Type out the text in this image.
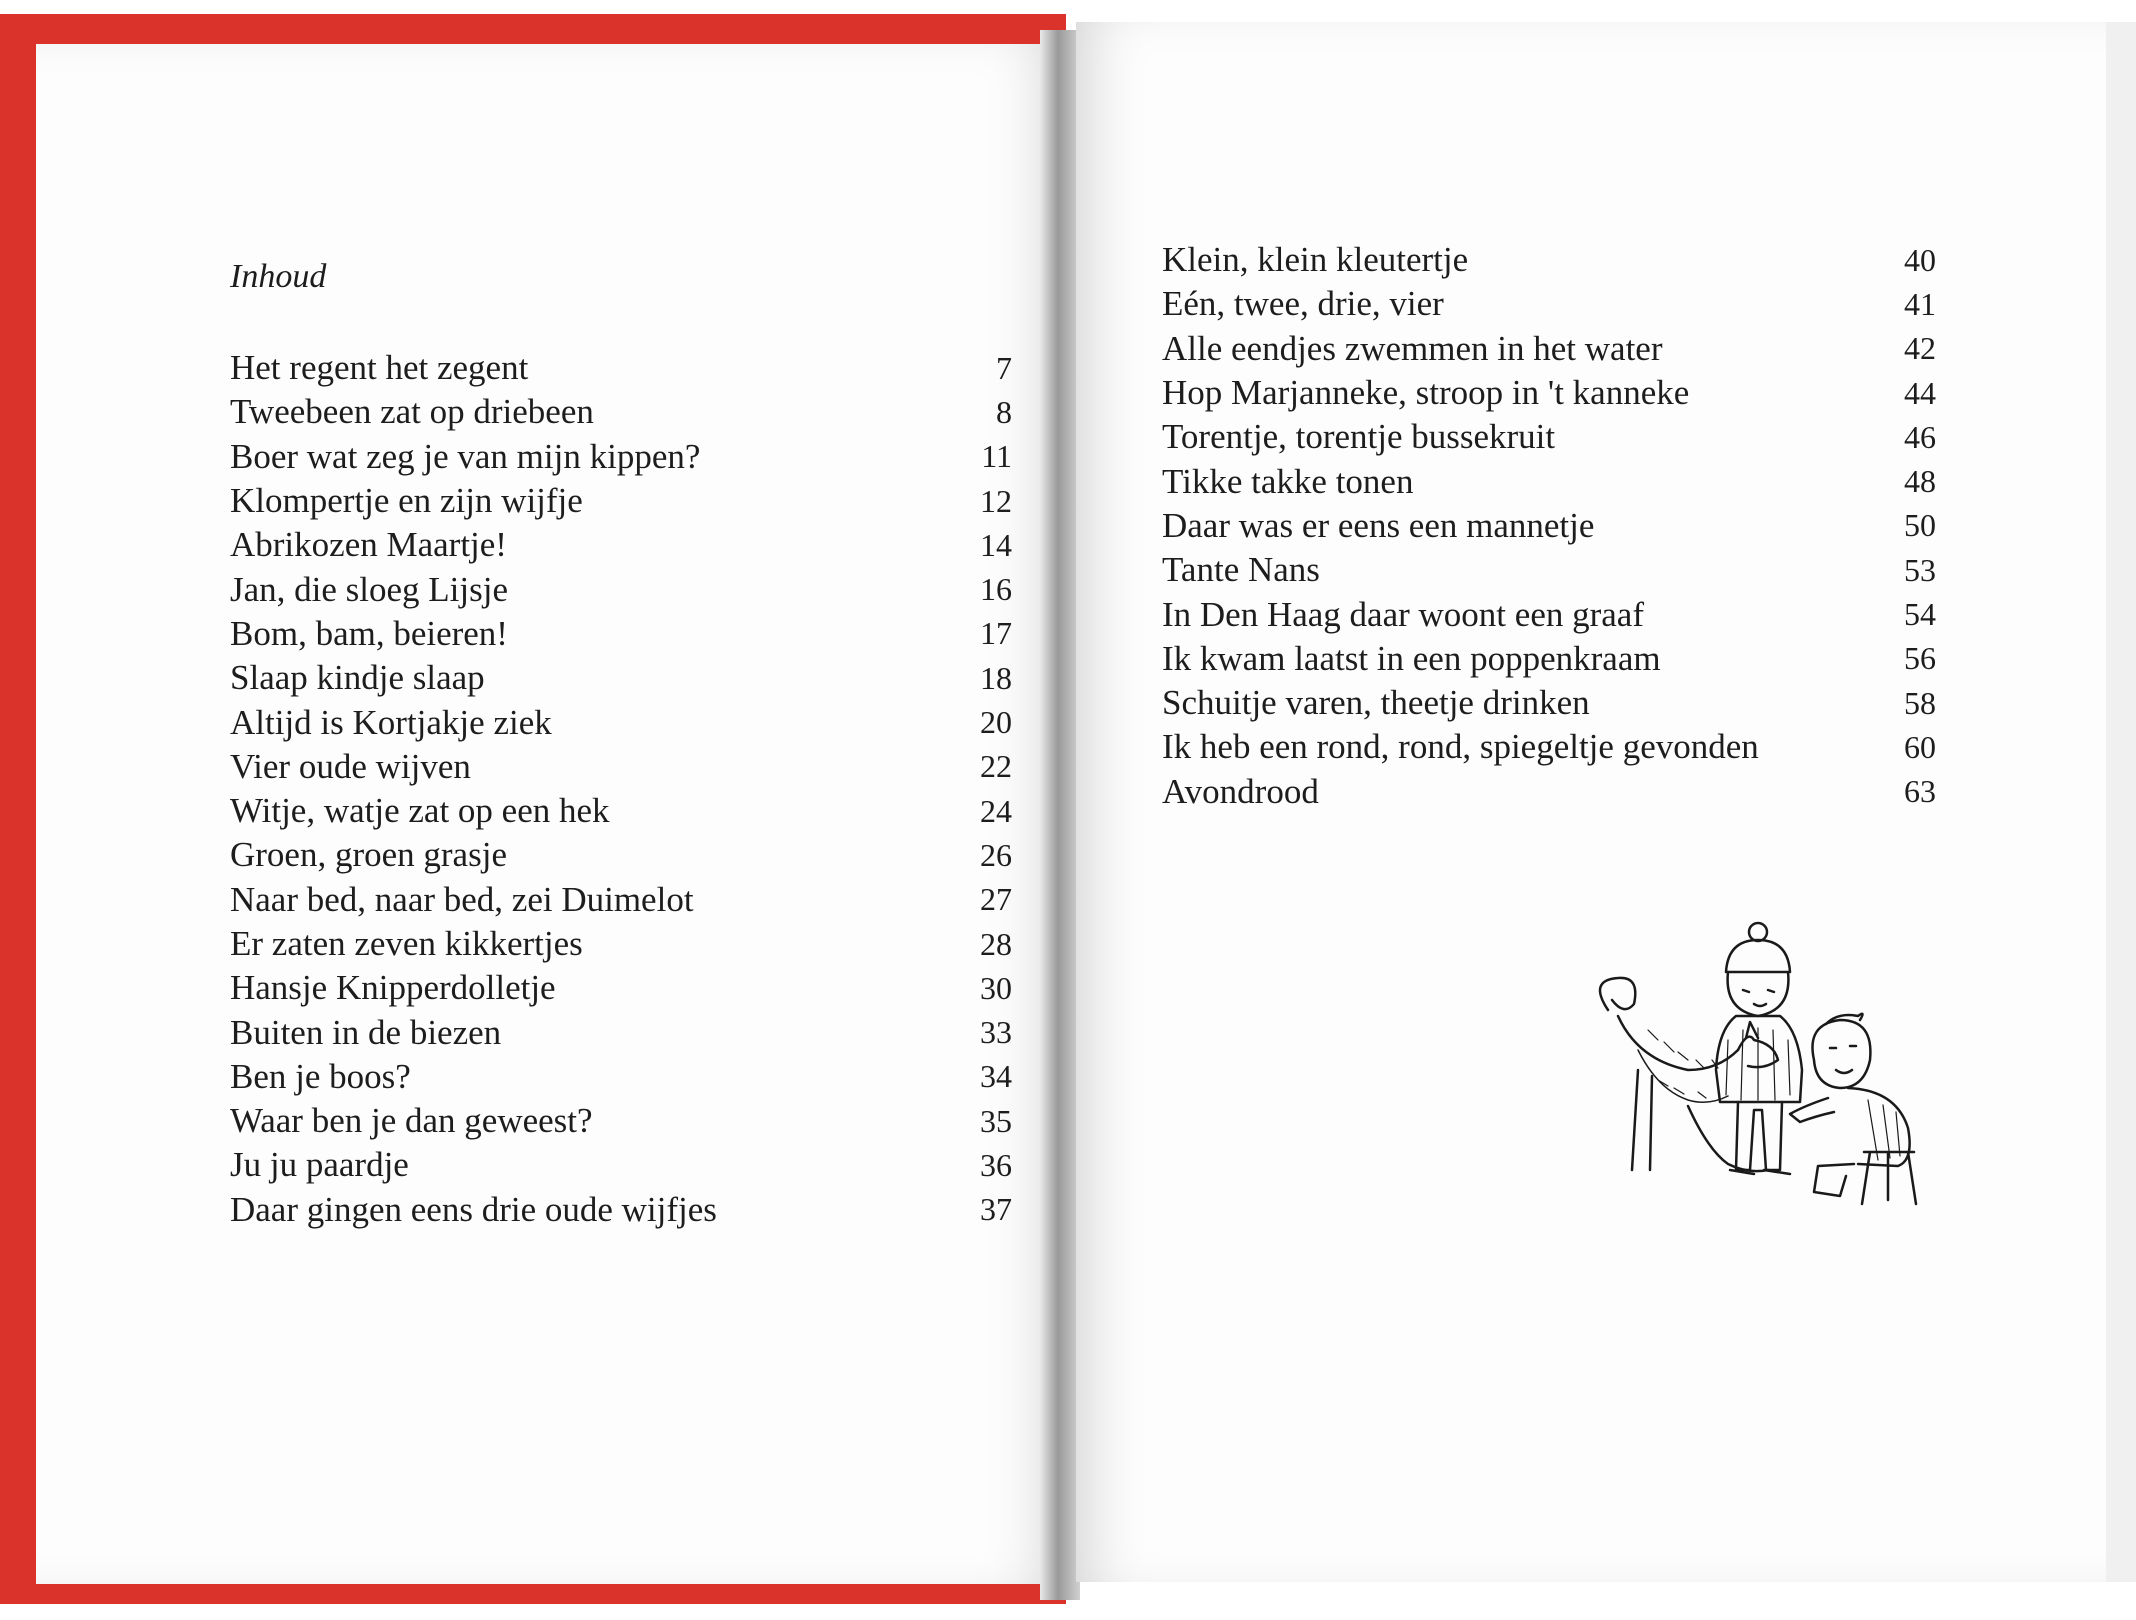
Inhoud
Het regent het zegent	7
Tweebeen zat op driebeen	8
Boer wat zeg je van mijn kippen?	11
Klompertje en zijn wijfje	12
Abrikozen Maartje!	14
Jan, die sloeg Lijsje	16
Bom, bam, beieren!	17
Slaap kindje slaap	18
Altijd is Kortjakje ziek	20
Vier oude wijven	22
Witje, watje zat op een hek	24
Groen, groen grasje	26
Naar bed, naar bed, zei Duimelot	27
Er zaten zeven kikkertjes	28
Hansje Knipperdolletje	30
Buiten in de biezen	33
Ben je boos?	34
Waar ben je dan geweest?	35
Ju ju paardje	36
Daar gingen eens drie oude wijfjes	37
Klein, klein kleutertje	40
Eén, twee, drie, vier	41
Alle eendjes zwemmen in het water	42
Hop Marjanneke, stroop in 't kanneke	44
Torentje, torentje bussekruit	46
Tikke takke tonen	48
Daar was er eens een mannetje	50
Tante Nans	53
In Den Haag daar woont een graaf	54
Ik kwam laatst in een poppenkraam	56
Schuitje varen, theetje drinken	58
Ik heb een rond, rond, spiegeltje gevonden	60
Avondrood	63
